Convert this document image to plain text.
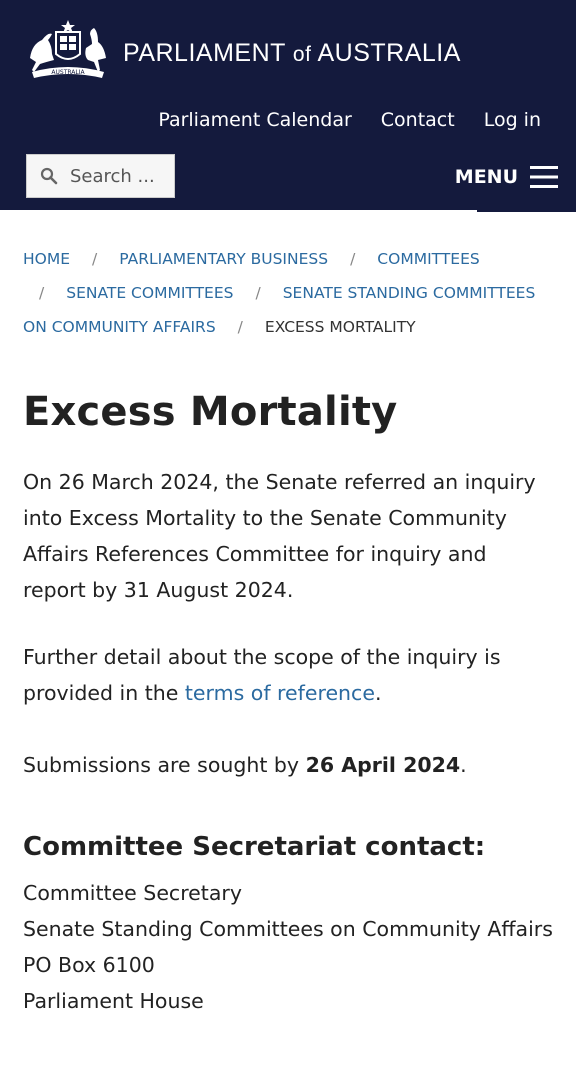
AUSTRALIA
PARLIAMENT of AUSTRALIA
Parliament Calendar Contact Log in
Search ...
MENU
HOME / PARLIAMENTARY BUSINESS / COMMITTEES
/ SENATE COMMITTEES / SENATE STANDING COMMITTEES ON COMMUNITY AFFAIRS / EXCESS MORTALITY
Excess Mortality

On 26 March 2024, the Senate referred an inquiry into Excess Mortality to the Senate Community Affairs References Committee for inquiry and report by 31 August 2024.

Further detail about the scope of the inquiry is provided in the terms of reference.

Submissions are sought by 26 April 2024.

Committee Secretariat contact:
Committee Secretary
Senate Standing Committees on Community Affairs
PO Box 6100
Parliament House
